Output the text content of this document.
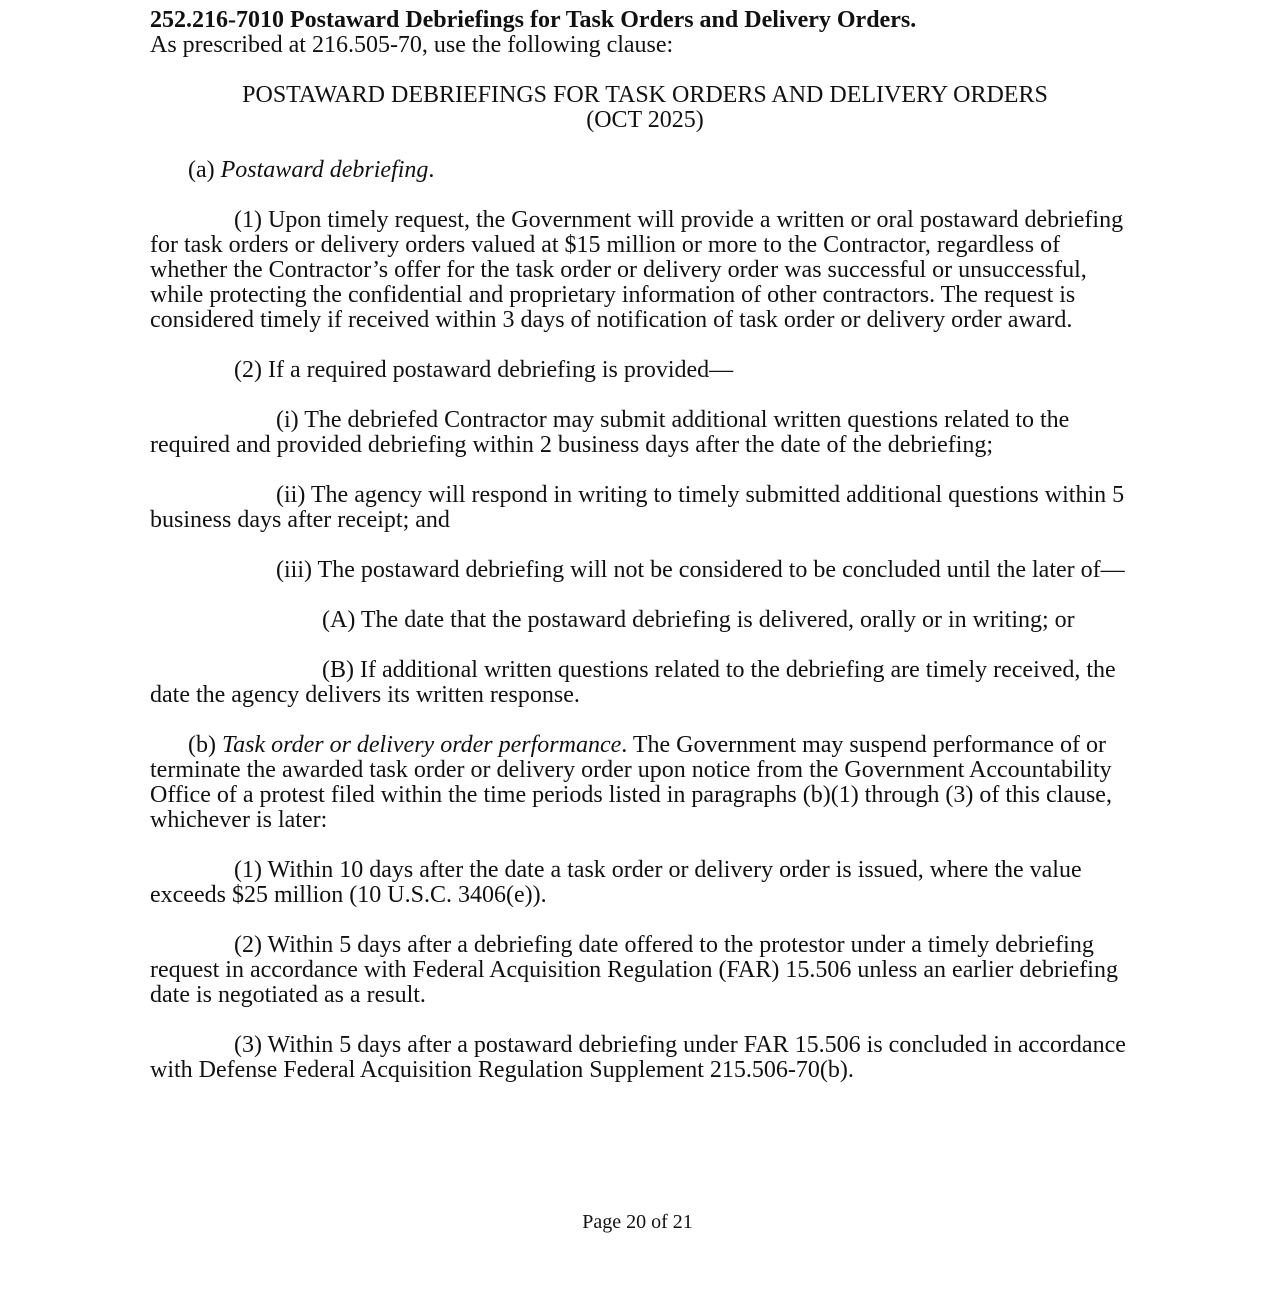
252.216-7010 Postaward Debriefings for Task Orders and Delivery Orders.

As prescribed at 216.505-70, use the following clause:

POSTAWARD DEBRIEFINGS FOR TASK ORDERS AND DELIVERY ORDERS
(OCT 2025)

(a) Postaward debriefing.

(1) Upon timely request, the Government will provide a written or oral postaward debriefing for task orders or delivery orders valued at $15 million or more to the Contractor, regardless of whether the Contractor’s offer for the task order or delivery order was successful or unsuccessful, while protecting the confidential and proprietary information of other contractors. The request is considered timely if received within 3 days of notification of task order or delivery order award.

(2) If a required postaward debriefing is provided—

(i) The debriefed Contractor may submit additional written questions related to the required and provided debriefing within 2 business days after the date of the debriefing;

(ii) The agency will respond in writing to timely submitted additional questions within 5 business days after receipt; and

(iii) The postaward debriefing will not be considered to be concluded until the later of—

(A) The date that the postaward debriefing is delivered, orally or in writing; or

(B) If additional written questions related to the debriefing are timely received, the date the agency delivers its written response.

(b) Task order or delivery order performance. The Government may suspend performance of or terminate the awarded task order or delivery order upon notice from the Government Accountability Office of a protest filed within the time periods listed in paragraphs (b)(1) through (3) of this clause, whichever is later:

(1) Within 10 days after the date a task order or delivery order is issued, where the value exceeds $25 million (10 U.S.C. 3406(e)).

(2) Within 5 days after a debriefing date offered to the protestor under a timely debriefing request in accordance with Federal Acquisition Regulation (FAR) 15.506 unless an earlier debriefing date is negotiated as a result.

(3) Within 5 days after a postaward debriefing under FAR 15.506 is concluded in accordance with Defense Federal Acquisition Regulation Supplement 215.506-70(b).

Page 20 of 21
